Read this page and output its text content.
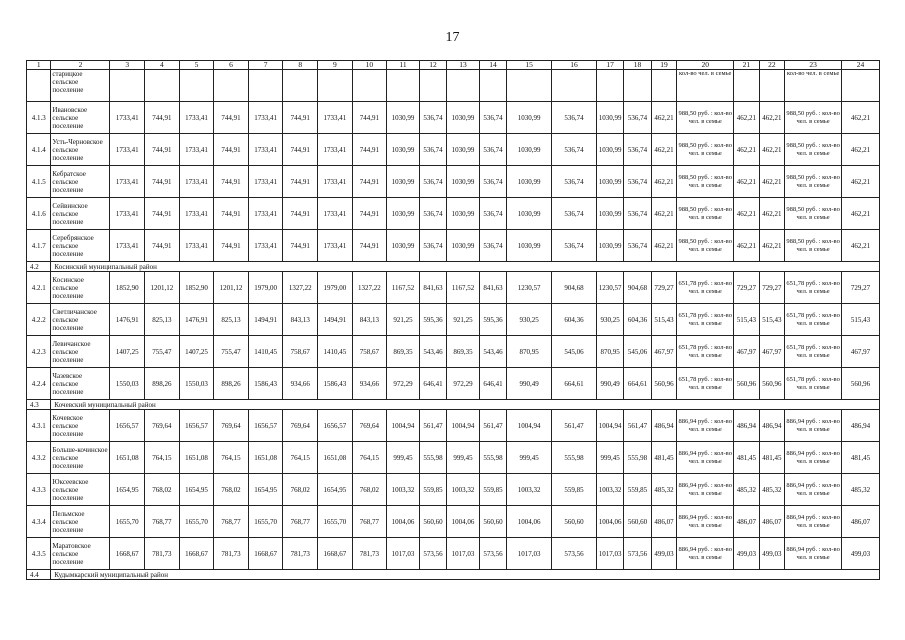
17
1	2	3	4	5	6	7	8	9	10	11	12	13	14	15	16	17	18	19	20	21	22	23	24
	старицкое сельское поселение																		кол-во чел. в семье			кол-во чел. в семье	
4.1.3	Ивановское сельское поселение	1733,41	744,91	1733,41	744,91	1733,41	744,91	1733,41	744,91	1030,99	536,74	1030,99	536,74	1030,99	536,74	1030,99	536,74	462,21	988,50 руб. : кол-во чел. в семье	462,21	462,21	988,50 руб. : кол-во чел. в семье	462,21
4.1.4	Усть-Черновское сельское поселение	1733,41	744,91	1733,41	744,91	1733,41	744,91	1733,41	744,91	1030,99	536,74	1030,99	536,74	1030,99	536,74	1030,99	536,74	462,21	988,50 руб. : кол-во чел. в семье	462,21	462,21	988,50 руб. : кол-во чел. в семье	462,21
4.1.5	Кебратское сельское поселение	1733,41	744,91	1733,41	744,91	1733,41	744,91	1733,41	744,91	1030,99	536,74	1030,99	536,74	1030,99	536,74	1030,99	536,74	462,21	988,50 руб. : кол-во чел. в семье	462,21	462,21	988,50 руб. : кол-во чел. в семье	462,21
4.1.6	Сейвинское сельское поселение	1733,41	744,91	1733,41	744,91	1733,41	744,91	1733,41	744,91	1030,99	536,74	1030,99	536,74	1030,99	536,74	1030,99	536,74	462,21	988,50 руб. : кол-во чел. в семье	462,21	462,21	988,50 руб. : кол-во чел. в семье	462,21
4.1.7	Серебрянское сельское поселение	1733,41	744,91	1733,41	744,91	1733,41	744,91	1733,41	744,91	1030,99	536,74	1030,99	536,74	1030,99	536,74	1030,99	536,74	462,21	988,50 руб. : кол-во чел. в семье	462,21	462,21	988,50 руб. : кол-во чел. в семье	462,21
4.2	Косинский муниципальный район																						
4.2.1	Косинское сельское поселение	1852,90	1201,12	1852,90	1201,12	1979,00	1327,22	1979,00	1327,22	1167,52	841,63	1167,52	841,63	1230,57	904,68	1230,57	904,68	729,27	651,78 руб. : кол-во чел. в семье	729,27	729,27	651,78 руб. : кол-во чел. в семье	729,27
4.2.2	Светличанское сельское поселение	1476,91	825,13	1476,91	825,13	1494,91	843,13	1494,91	843,13	921,25	595,36	921,25	595,36	930,25	604,36	930,25	604,36	515,43	651,78 руб. : кол-во чел. в семье	515,43	515,43	651,78 руб. : кол-во чел. в семье	515,43
4.2.3	Левичанское сельское поселение	1407,25	755,47	1407,25	755,47	1410,45	758,67	1410,45	758,67	869,35	543,46	869,35	543,46	870,95	545,06	870,95	545,06	467,97	651,78 руб. : кол-во чел. в семье	467,97	467,97	651,78 руб. : кол-во чел. в семье	467,97
4.2.4	Чазевское сельское поселение	1550,03	898,26	1550,03	898,26	1586,43	934,66	1586,43	934,66	972,29	646,41	972,29	646,41	990,49	664,61	990,49	664,61	560,96	651,78 руб. : кол-во чел. в семье	560,96	560,96	651,78 руб. : кол-во чел. в семье	560,96
4.3	Кочевский муниципальный район																						
4.3.1	Кочевское сельское поселение	1656,57	769,64	1656,57	769,64	1656,57	769,64	1656,57	769,64	1004,94	561,47	1004,94	561,47	1004,94	561,47	1004,94	561,47	486,94	886,94 руб. : кол-во чел. в семье	486,94	486,94	886,94 руб. : кол-во чел. в семье	486,94
4.3.2	Больше-кочинское сельское поселение	1651,08	764,15	1651,08	764,15	1651,08	764,15	1651,08	764,15	999,45	555,98	999,45	555,98	999,45	555,98	999,45	555,98	481,45	886,94 руб. : кол-во чел. в семье	481,45	481,45	886,94 руб. : кол-во чел. в семье	481,45
4.3.3	Юксеевское сельское поселение	1654,95	768,02	1654,95	768,02	1654,95	768,02	1654,95	768,02	1003,32	559,85	1003,32	559,85	1003,32	559,85	1003,32	559,85	485,32	886,94 руб. : кол-во чел. в семье	485,32	485,32	886,94 руб. : кол-во чел. в семье	485,32
4.3.4	Пельмское сельское поселение	1655,70	768,77	1655,70	768,77	1655,70	768,77	1655,70	768,77	1004,06	560,60	1004,06	560,60	1004,06	560,60	1004,06	560,60	486,07	886,94 руб. : кол-во чел. в семье	486,07	486,07	886,94 руб. : кол-во чел. в семье	486,07
4.3.5	Маратовское сельское поселение	1668,67	781,73	1668,67	781,73	1668,67	781,73	1668,67	781,73	1017,03	573,56	1017,03	573,56	1017,03	573,56	1017,03	573,56	499,03	886,94 руб. : кол-во чел. в семье	499,03	499,03	886,94 руб. : кол-во чел. в семье	499,03
4.4	Кудымкарский муниципальный район																						
